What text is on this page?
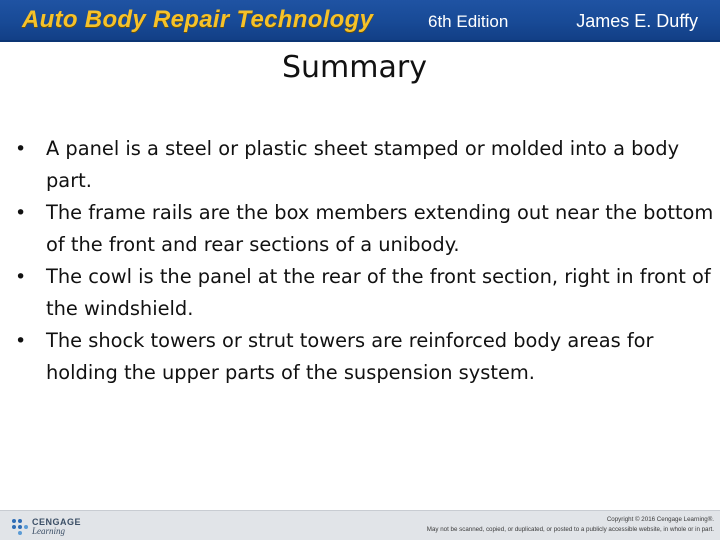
Auto Body Repair Technology	6th Edition	James E. Duffy
Summary
•	A panel is a steel or plastic sheet stamped or molded into a body part.
•	The frame rails are the box members extending out near the bottom of the front and rear sections of a unibody.
•	The cowl is the panel at the rear of the front section, right in front of the windshield.
•	The shock towers or strut towers are reinforced body areas for holding the upper parts of the suspension system.
CENGAGE
Learning
Copyright © 2016 Cengage Learning®.
May not be scanned, copied, or duplicated, or posted to a publicly accessible website, in whole or in part.
